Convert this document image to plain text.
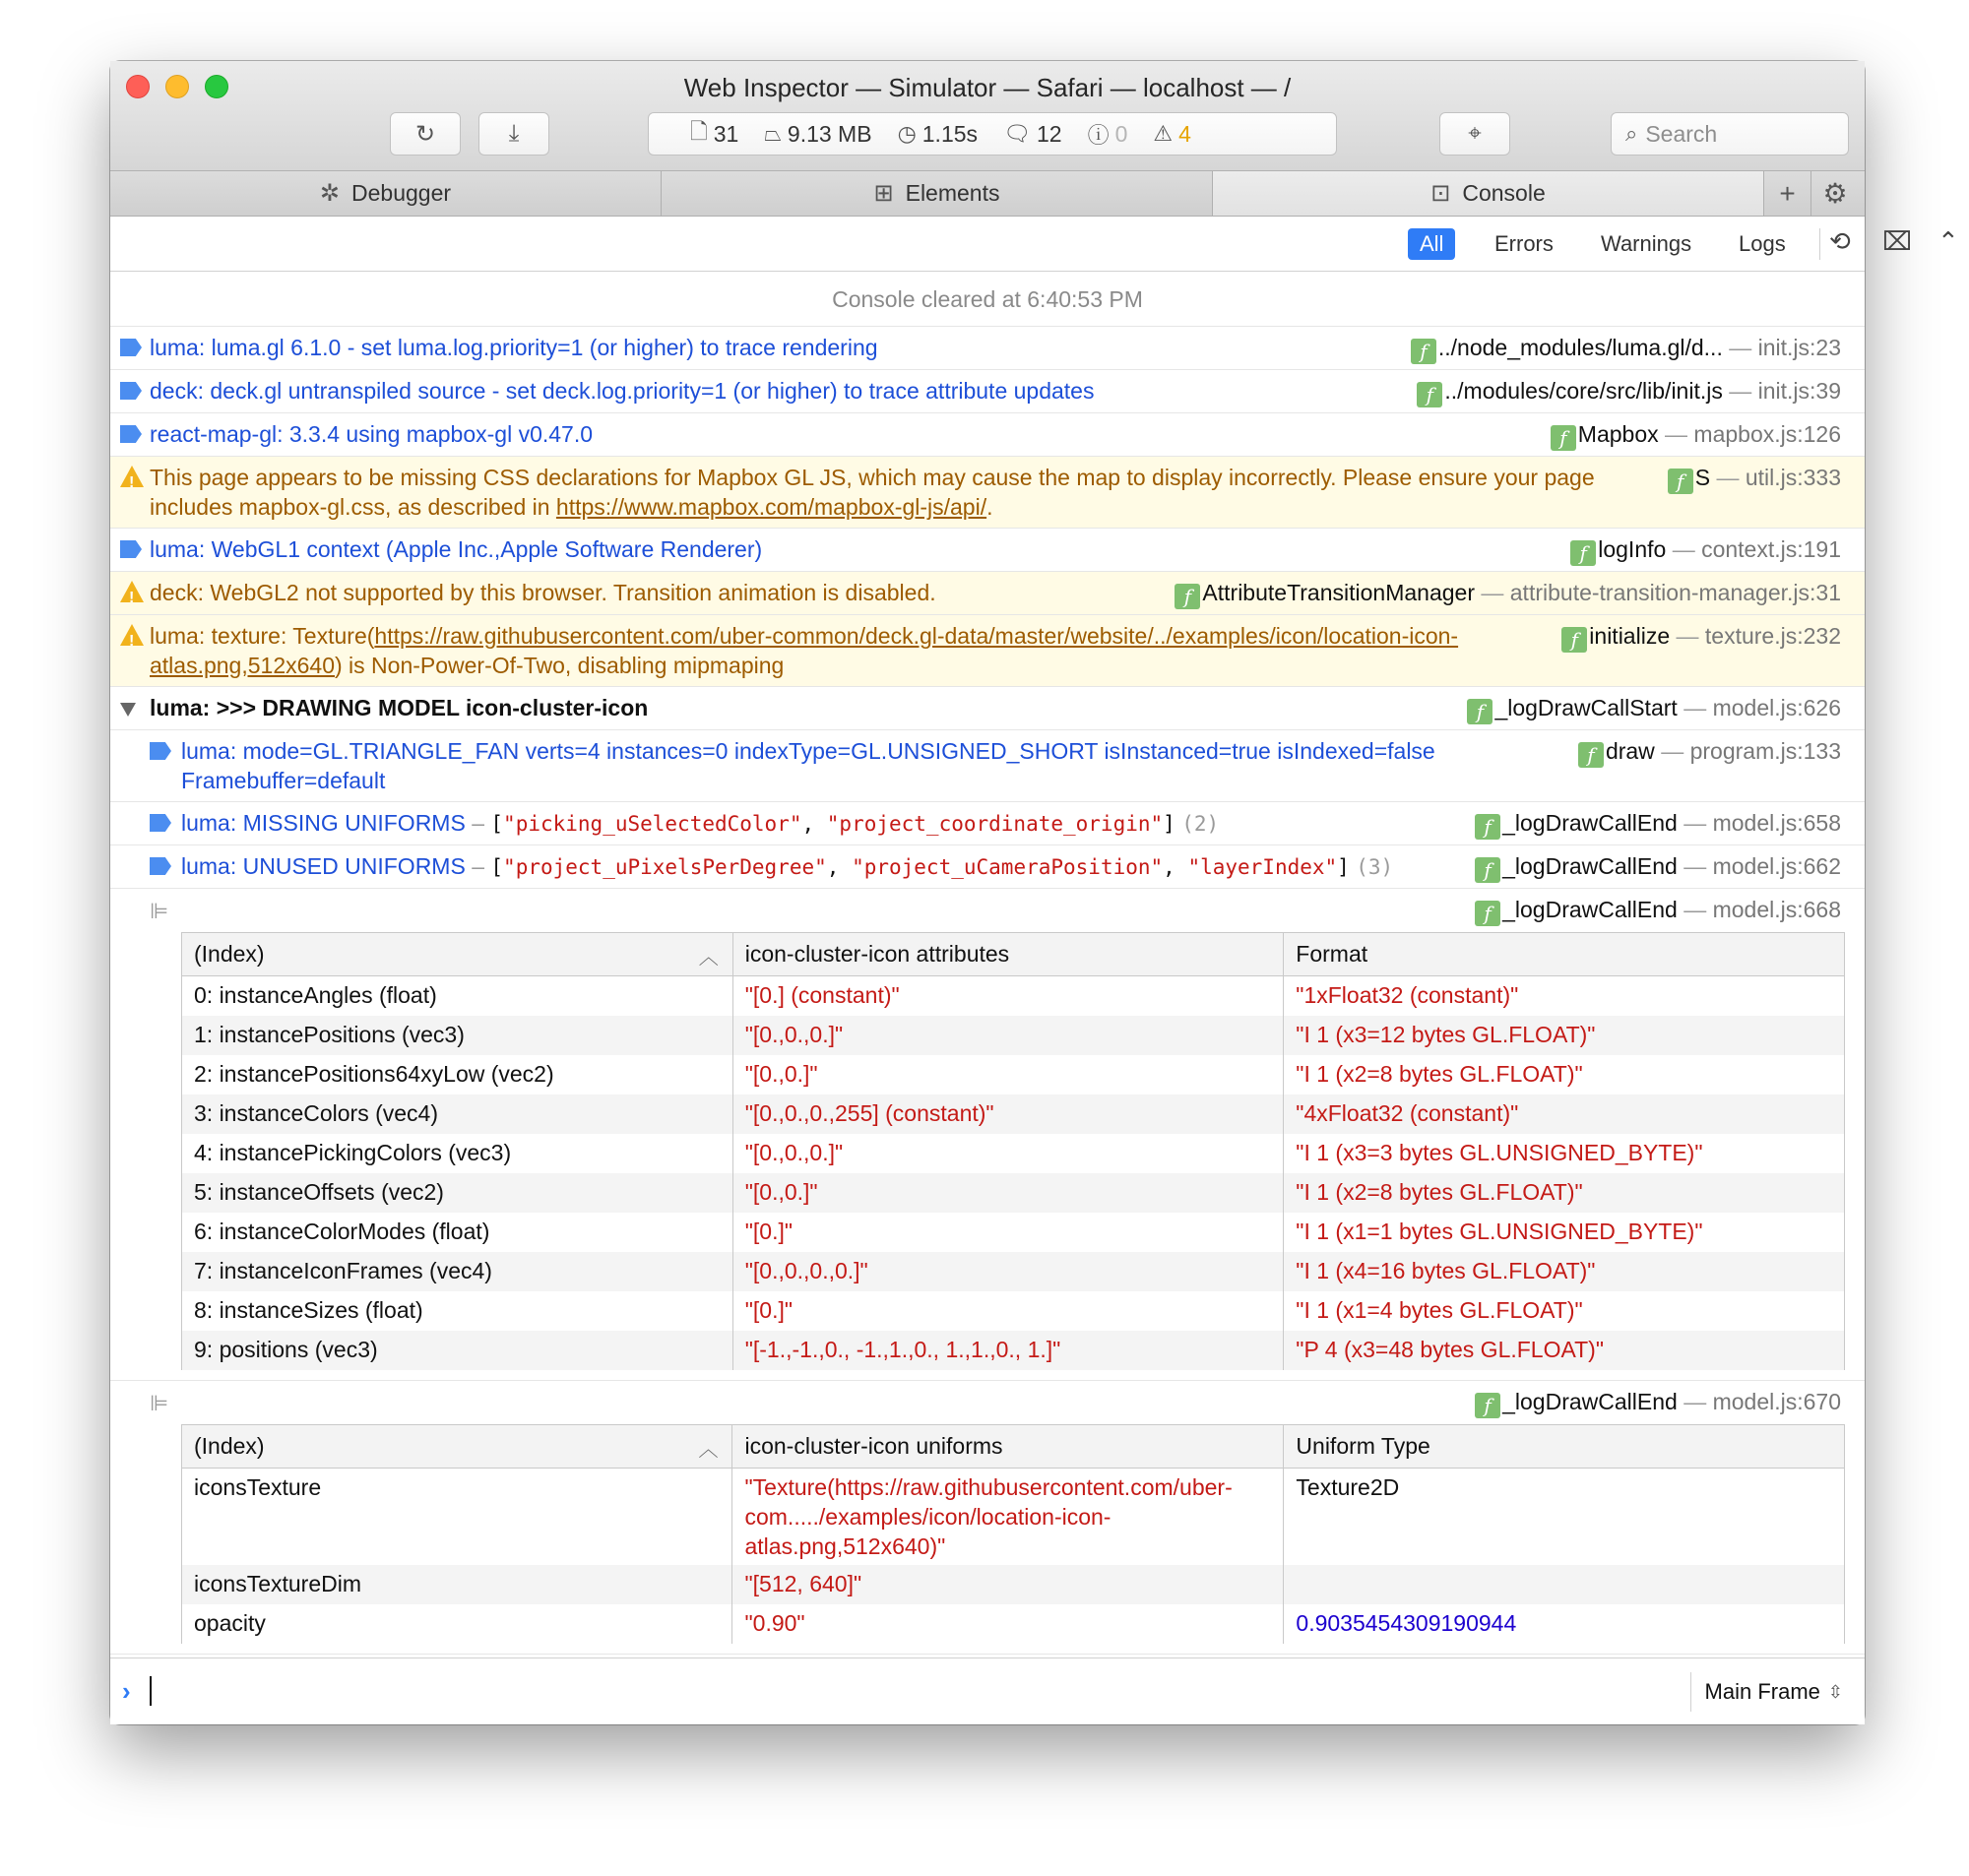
Web Inspector — Simulator — Safari — localhost — /
↻	⤓	🗋 31 ⏢ 9.13 MB ◷ 1.15s 🗨 12 ⓘ 0 ⚠ 4	⌖	⌕ Search
✲ Debugger	⊞ Elements	⊡ Console	+ ⚙
All	Errors	Warnings	Logs	⟲ ⌧ ⌃
Console cleared at 6:40:53 PM
luma: luma.gl 6.1.0 - set luma.log.priority=1 (or higher) to trace rendering	f ../node_modules/luma.gl/d... — init.js:23
deck: deck.gl untranspiled source - set deck.log.priority=1 (or higher) to trace attribute updates	f ../modules/core/src/lib/init.js — init.js:39
react-map-gl: 3.3.4 using mapbox-gl v0.47.0	f Mapbox — mapbox.js:126
!
This page appears to be missing CSS declarations for Mapbox GL JS, which may cause the map to display incorrectly. Please ensure your page includes mapbox-gl.css, as described in https://www.mapbox.com/mapbox-gl-js/api/.
f S — util.js:333
luma: WebGL1 context (Apple Inc.,Apple Software Renderer)	f logInfo — context.js:191
!
deck: WebGL2 not supported by this browser. Transition animation is disabled.	f AttributeTransitionManager — attribute-transition-manager.js:31
!
luma: texture: Texture(https://raw.githubusercontent.com/uber-common/deck.gl-data/master/website/../examples/icon/location-icon-atlas.png,512x640) is Non-Power-Of-Two, disabling mipmaping
f initialize — texture.js:232
luma: >>> DRAWING MODEL icon-cluster-icon	f _logDrawCallStart — model.js:626
luma: mode=GL.TRIANGLE_FAN verts=4 instances=0 indexType=GL.UNSIGNED_SHORT isInstanced=true isIndexed=false Framebuffer=default
f draw — program.js:133
luma: MISSING UNIFORMS – ["picking_uSelectedColor", "project_coordinate_origin"] (2)	f _logDrawCallEnd — model.js:658
luma: UNUSED UNIFORMS – ["project_uPixelsPerDegree", "project_uCameraPosition", "layerIndex"] (3)	f _logDrawCallEnd — model.js:662
⊫	f _logDrawCallEnd — model.js:668
(Index) ︿	icon-cluster-icon attributes	Format
0: instanceAngles (float)	"[0.] (constant)"	"1xFloat32 (constant)"
1: instancePositions (vec3)	"[0.,0.,0.]"	"I 1 (x3=12 bytes GL.FLOAT)"
2: instancePositions64xyLow (vec2)	"[0.,0.]"	"I 1 (x2=8 bytes GL.FLOAT)"
3: instanceColors (vec4)	"[0.,0.,0.,255] (constant)"	"4xFloat32 (constant)"
4: instancePickingColors (vec3)	"[0.,0.,0.]"	"I 1 (x3=3 bytes GL.UNSIGNED_BYTE)"
5: instanceOffsets (vec2)	"[0.,0.]"	"I 1 (x2=8 bytes GL.FLOAT)"
6: instanceColorModes (float)	"[0.]"	"I 1 (x1=1 bytes GL.UNSIGNED_BYTE)"
7: instanceIconFrames (vec4)	"[0.,0.,0.,0.]"	"I 1 (x4=16 bytes GL.FLOAT)"
8: instanceSizes (float)	"[0.]"	"I 1 (x1=4 bytes GL.FLOAT)"
9: positions (vec3)	"[-1.,-1.,0., -1.,1.,0., 1.,1.,0., 1.]"	"P 4 (x3=48 bytes GL.FLOAT)"
⊫	f _logDrawCallEnd — model.js:670
(Index) ︿	icon-cluster-icon uniforms	Uniform Type
iconsTexture	"Texture(https://raw.githubusercontent.com/uber-com...../examples/icon/location-icon-atlas.png,512x640)"	Texture2D
iconsTextureDim	"[512, 640]"	
opacity	"0.90"	0.9035454309190944
›	Main Frame ⇳
